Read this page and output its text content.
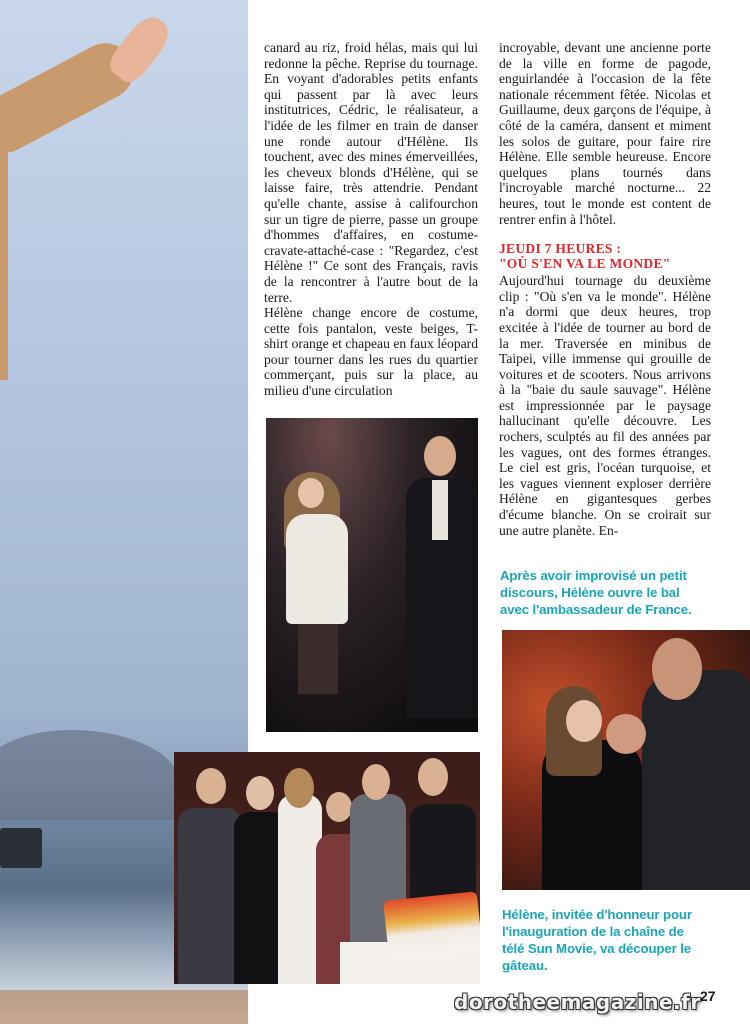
canard au riz, froid hélas, mais qui lui redonne la pêche. Reprise du tournage. En voyant d'adorables petits enfants qui passent par là avec leurs institutrices, Cédric, le réalisateur, a l'idée de les filmer en train de danser une ronde autour d'Hélène. Ils touchent, avec des mines émerveillées, les cheveux blonds d'Hélène, qui se laisse faire, très attendrie. Pendant qu'elle chante, assise à califourchon sur un tigre de pierre, passe un groupe d'hommes d'affaires, en costume-cravate-attaché-case : "Regardez, c'est Hélène !" Ce sont des Français, ravis de la rencontrer à l'autre bout de la terre.

Hélène change encore de costume, cette fois pantalon, veste beiges, T-shirt orange et chapeau en faux léopard pour tourner dans les rues du quartier commerçant, puis sur la place, au milieu d'une circulation

incroyable, devant une ancienne porte de la ville en forme de pagode, enguirlandée à l'occasion de la fête nationale récemment fêtée. Nicolas et Guillaume, deux garçons de l'équipe, à côté de la caméra, dansent et miment les solos de guitare, pour faire rire Hélène. Elle semble heureuse. Encore quelques plans tournés dans l'incroyable marché nocturne... 22 heures, tout le monde est content de rentrer enfin à l'hôtel.

JEUDI 7 HEURES :
"OÙ S'EN VA LE MONDE"

Aujourd'hui tournage du deuxième clip : "Où s'en va le monde". Hélène n'a dormi que deux heures, trop excitée à l'idée de tourner au bord de la mer. Traversée en minibus de Taipei, ville immense qui grouille de voitures et de scooters. Nous arrivons à la "baie du saule sauvage". Hélène est impressionnée par le paysage hallucinant qu'elle découvre. Les rochers, sculptés au fil des années par les vagues, ont des formes étranges. Le ciel est gris, l'océan turquoise, et les vagues viennent exploser derrière Hélène en gigantesques gerbes d'écume blanche. On se croirait sur une autre planète. En-

Après avoir improvisé un petit discours, Hélène ouvre le bal avec l'ambassadeur de France.
Hélène, invitée d'honneur pour l'inauguration de la chaîne de télé Sun Movie, va découper le gâteau.
dorotheemagazine.fr 27
